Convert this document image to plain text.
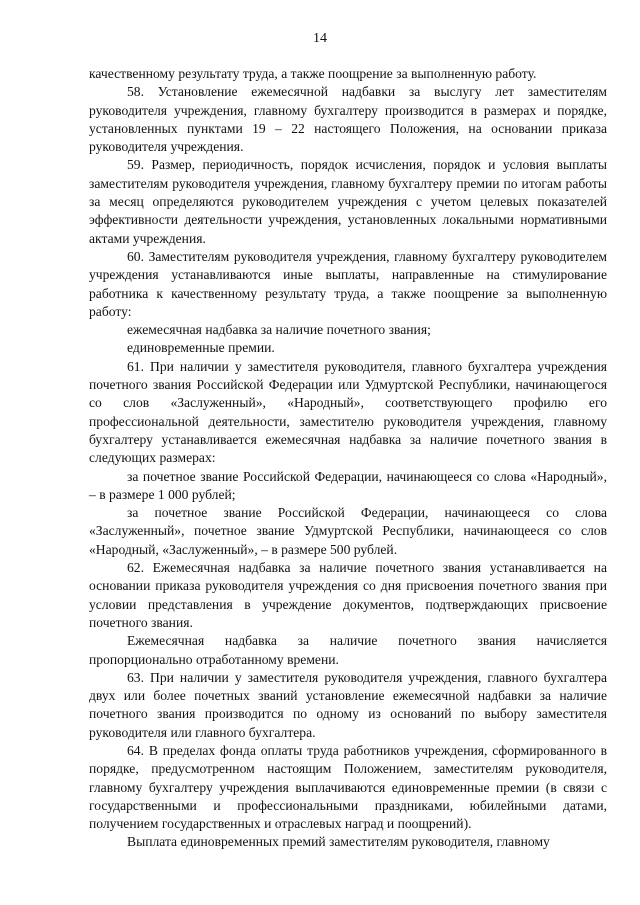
14

качественному результату труда, а также поощрение за выполненную работу.

58. Установление ежемесячной надбавки за выслугу лет заместителям руководителя учреждения, главному бухгалтеру производится в размерах и порядке, установленных пунктами 19 – 22 настоящего Положения, на основании приказа руководителя учреждения.

59. Размер, периодичность, порядок исчисления, порядок и условия выплаты заместителям руководителя учреждения, главному бухгалтеру премии по итогам работы за месяц определяются руководителем учреждения с учетом целевых показателей эффективности деятельности учреждения, установленных локальными нормативными актами учреждения.

60. Заместителям руководителя учреждения, главному бухгалтеру руководителем учреждения устанавливаются иные выплаты, направленные на стимулирование работника к качественному результату труда, а также поощрение за выполненную работу:

ежемесячная надбавка за наличие почетного звания;

единовременные премии.

61. При наличии у заместителя руководителя, главного бухгалтера учреждения почетного звания Российской Федерации или Удмуртской Республики, начинающегося со слов «Заслуженный», «Народный», соответствующего профилю его профессиональной деятельности, заместителю руководителя учреждения, главному бухгалтеру устанавливается ежемесячная надбавка за наличие почетного звания в следующих размерах:

за почетное звание Российской Федерации, начинающееся со слова «Народный», – в размере 1 000 рублей;

за почетное звание Российской Федерации, начинающееся со слова «Заслуженный», почетное звание Удмуртской Республики, начинающееся со слов «Народный, «Заслуженный», – в размере 500 рублей.

62. Ежемесячная надбавка за наличие почетного звания устанавливается на основании приказа руководителя учреждения со дня присвоения почетного звания при условии представления в учреждение документов, подтверждающих присвоение почетного звания.

Ежемесячная надбавка за наличие почетного звания начисляется пропорционально отработанному времени.

63. При наличии у заместителя руководителя учреждения, главного бухгалтера двух или более почетных званий установление ежемесячной надбавки за наличие почетного звания производится по одному из оснований по выбору заместителя руководителя или главного бухгалтера.

64. В пределах фонда оплаты труда работников учреждения, сформированного в порядке, предусмотренном настоящим Положением, заместителям руководителя, главному бухгалтеру учреждения выплачиваются единовременные премии (в связи с государственными и профессиональными праздниками, юбилейными датами, получением государственных и отраслевых наград и поощрений).

Выплата единовременных премий заместителям руководителя, главному
